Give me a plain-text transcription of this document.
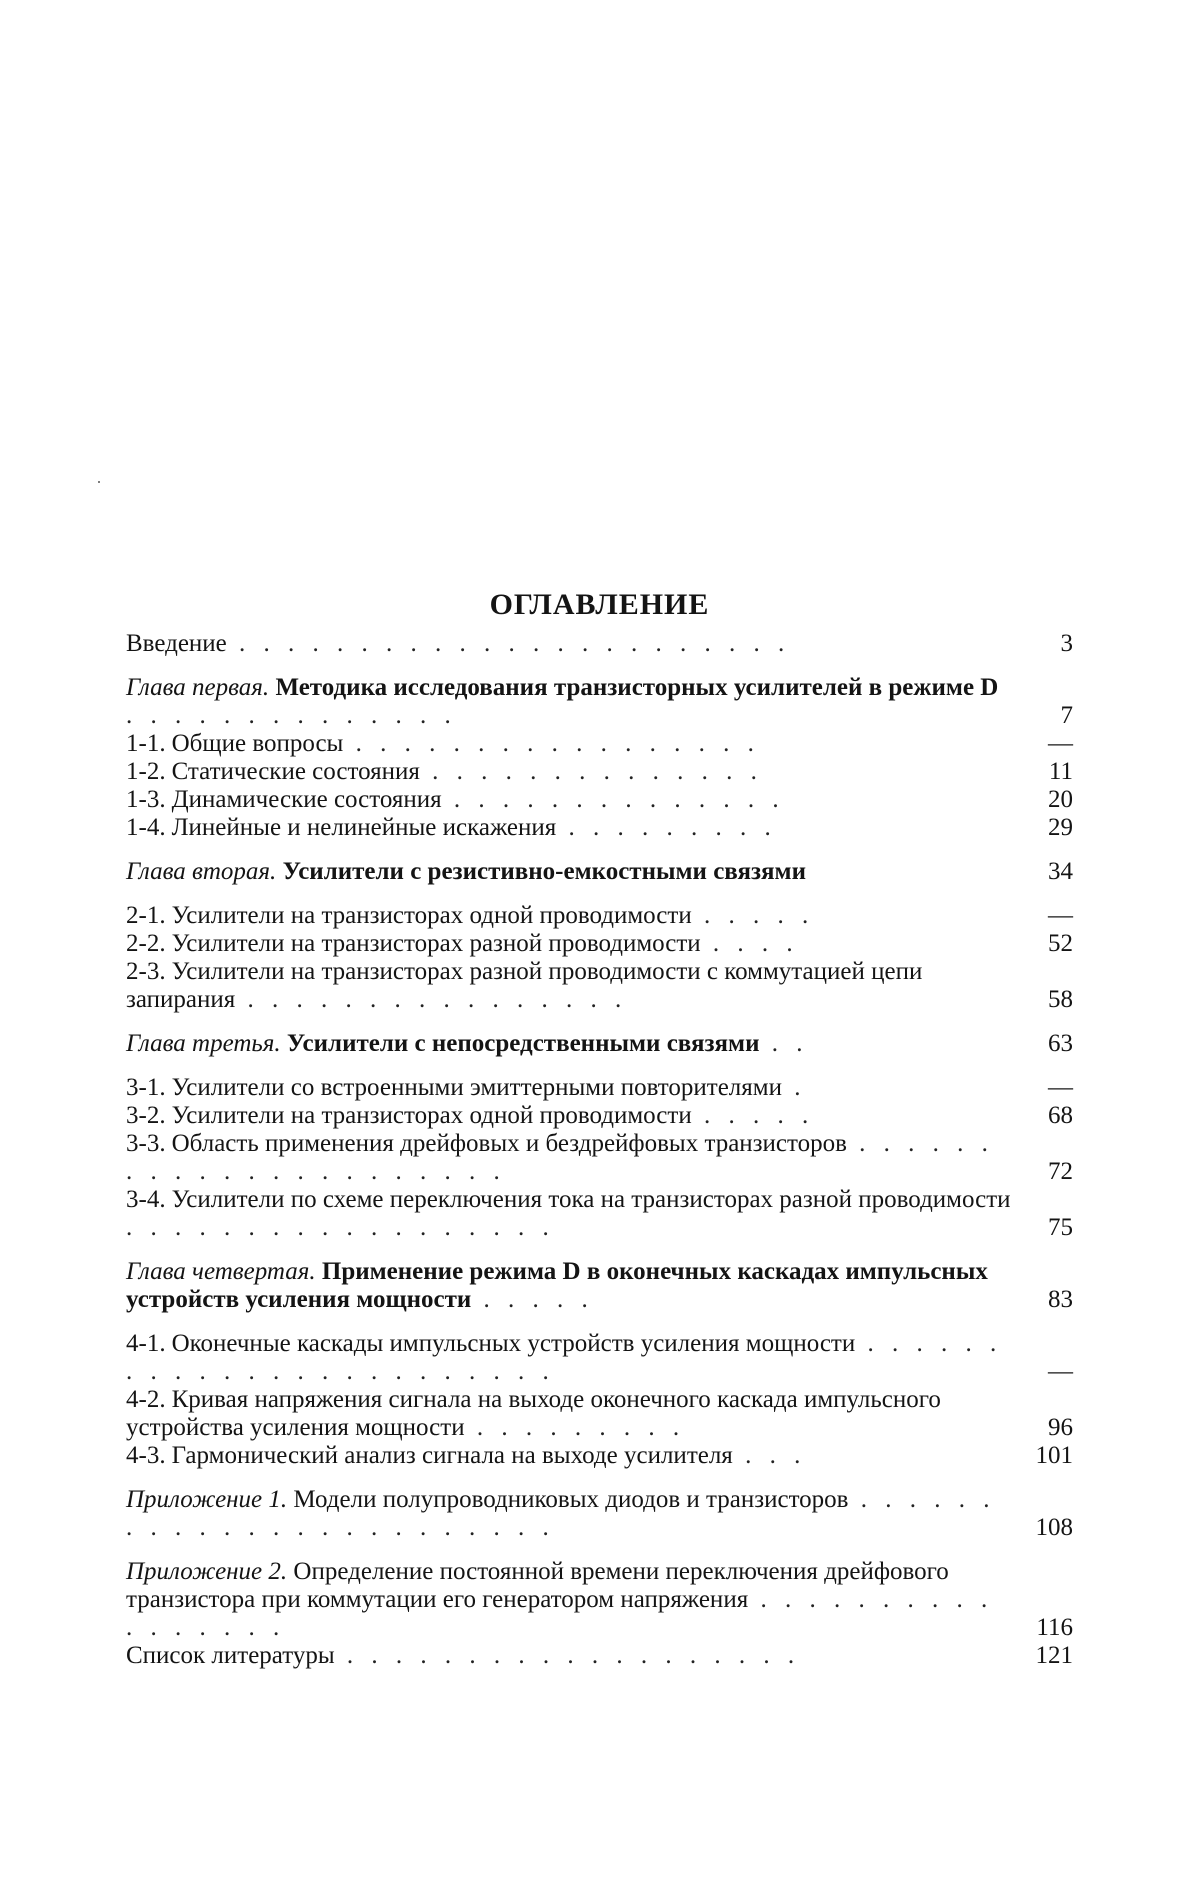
ОГЛАВЛЕНИЕ
Введение . . . . . . . . . . . . . . . . . . . . . . .	3
Глава первая. Методика исследования транзисторных усилителей в режиме D . . . . . . . . . . . . . .	7
1-1. Общие вопросы . . . . . . . . . . . . . . . . .	—
1-2. Статические состояния . . . . . . . . . . . . . .	11
1-3. Динамические состояния . . . . . . . . . . . . . .	20
1-4. Линейные и нелинейные искажения . . . . . . . . .	29
Глава вторая. Усилители с резистивно-емкостными связями	34
2-1. Усилители на транзисторах одной проводимости . . . . .	—
2-2. Усилители на транзисторах разной проводимости . . . .	52
2-3. Усилители на транзисторах разной проводимости с коммутацией цепи запирания . . . . . . . . . . . . . . . .	58
Глава третья. Усилители с непосредственными связями . .	63
3-1. Усилители со встроенными эмиттерными повторителями .	—
3-2. Усилители на транзисторах одной проводимости . . . . .	68
3-3. Область применения дрейфовых и бездрейфовых транзисторов . . . . . . . . . . . . . . . . . . . . . .	72
3-4. Усилители по схеме переключения тока на транзисторах разной проводимости . . . . . . . . . . . . . . . . . .	75
Глава четвертая. Применение режима D в оконечных каскадах импульсных устройств усиления мощности . . . . .	83
4-1. Оконечные каскады импульсных устройств усиления мощности . . . . . . . . . . . . . . . . . . . . . . . .	—
4-2. Кривая напряжения сигнала на выходе оконечного каскада импульсного устройства усиления мощности . . . . . . . . .	96
4-3. Гармонический анализ сигнала на выходе усилителя . . .	101
Приложение 1. Модели полупроводниковых диодов и транзисторов . . . . . . . . . . . . . . . . . . . . . . . .	108
Приложение 2. Определение постоянной времени переключения дрейфового транзистора при коммутации его генератором напряжения . . . . . . . . . . . . . . . . .	116
Список литературы . . . . . . . . . . . . . . . . . . .	121
